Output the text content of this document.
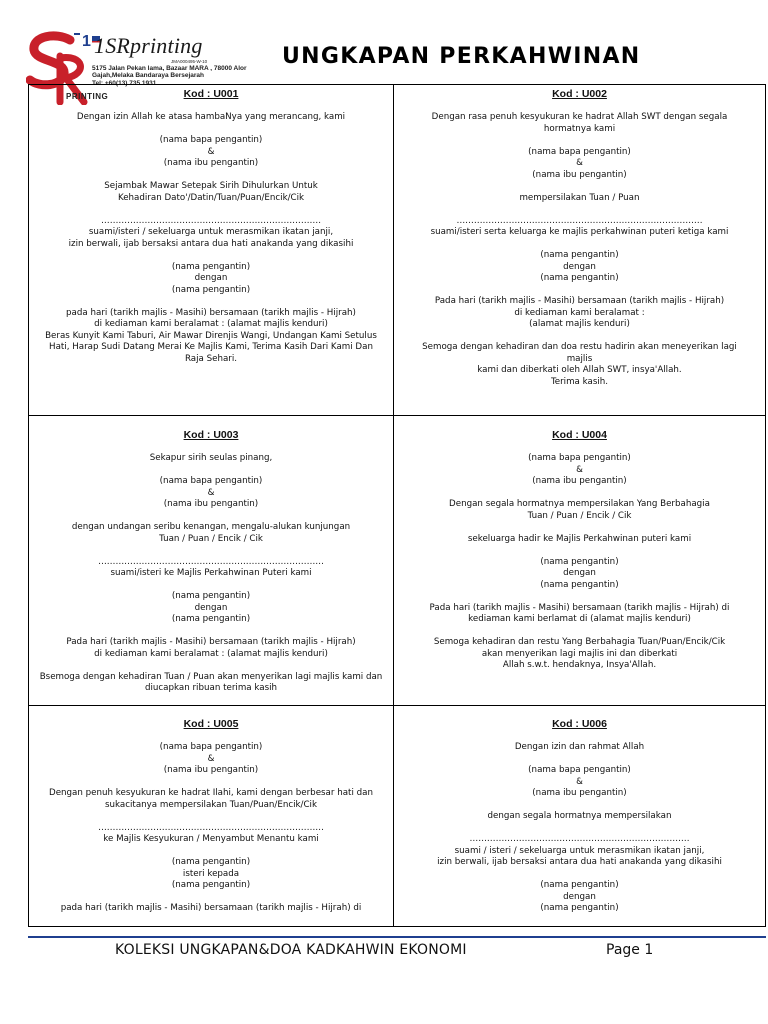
1 1SRprinting
JMA000495-W-10
5175 Jalan Pekan lama, Bazaar MARA , 78000 Alor
Gajah,Melaka Bandaraya Bersejarah
Tel: +60(13) 735 1931
PRINTING
UNGKAPAN PERKAHWINAN
Kod : U001
Dengan izin Allah ke atasa hambaNya yang merancang, kami
(nama bapa pengantin)
&
(nama ibu pengantin)
Sejambak Mawar Setepak Sirih Dihulurkan Untuk
Kehadiran Dato'/Datin/Tuan/Puan/Encik/Cik
………………………………………………………………….
suami/isteri / sekeluarga untuk merasmikan ikatan janji,
izin berwali, ijab bersaksi antara dua hati anakanda yang dikasihi
(nama pengantin)
dengan
(nama pengantin)
pada hari (tarikh majlis - Masihi) bersamaan (tarikh majlis - Hijrah)
di kediaman kami beralamat : (alamat majlis kenduri)
Beras Kunyit Kami Taburi, Air Mawar Direnjis Wangi, Undangan Kami Setulus
Hati, Harap Sudi Datang Merai Ke Majlis Kami, Terima Kasih Dari Kami Dan
Raja Sehari.
Kod : U002
Dengan rasa penuh kesyukuran ke hadrat Allah SWT dengan segala
hormatnya kami
(nama bapa pengantin)
&
(nama ibu pengantin)
mempersilakan Tuan / Puan
………………………………………………………………………….
suami/isteri serta keluarga ke majlis perkahwinan puteri ketiga kami
(nama pengantin)
dengan
(nama pengantin)
Pada hari (tarikh majlis - Masihi) bersamaan (tarikh majlis - Hijrah)
di kediaman kami beralamat :
(alamat majlis kenduri)
Semoga dengan kehadiran dan doa restu hadirin akan meneyerikan lagi
majlis
kami dan diberkati oleh Allah SWT, insya'Allah.
Terima kasih.
Kod : U003
Sekapur sirih seulas pinang,
(nama bapa pengantin)
&
(nama ibu pengantin)
dengan undangan seribu kenangan, mengalu-alukan kunjungan
Tuan / Puan / Encik / Cik
……………………………………………………………………
suami/isteri ke Majlis Perkahwinan Puteri kami
(nama pengantin)
dengan
(nama pengantin)
Pada hari (tarikh majlis - Masihi) bersamaan (tarikh majlis - Hijrah)
di kediaman kami beralamat : (alamat majlis kenduri)
Bsemoga dengan kehadiran Tuan / Puan akan menyerikan lagi majlis kami dan
diucapkan ribuan terima kasih
Kod : U004
(nama bapa pengantin)
&
(nama ibu pengantin)
Dengan segala hormatnya mempersilakan Yang Berbahagia
Tuan / Puan / Encik / Cik
sekeluarga hadir ke Majlis Perkahwinan puteri kami
(nama pengantin)
dengan
(nama pengantin)
Pada hari (tarikh majlis - Masihi) bersamaan (tarikh majlis - Hijrah) di
kediaman kami berlamat di (alamat majlis kenduri)
Semoga kehadiran dan restu Yang Berbahagia Tuan/Puan/Encik/Cik
akan menyerikan lagi majlis ini dan diberkati
Allah s.w.t. hendaknya, Insya'Allah.
Kod : U005
(nama bapa pengantin)
&
(nama ibu pengantin)
Dengan penuh kesyukuran ke hadrat Ilahi, kami dengan berbesar hati dan
sukacitanya mempersilakan Tuan/Puan/Encik/Cik
……………………………………………………………………
ke Majlis Kesyukuran / Menyambut Menantu kami
(nama pengantin)
isteri kepada
(nama pengantin)
pada hari (tarikh majlis - Masihi) bersamaan (tarikh majlis - Hijrah) di
Kod : U006
Dengan izin dan rahmat Allah
(nama bapa pengantin)
&
(nama ibu pengantin)
dengan segala hormatnya mempersilakan
………………………………………………………………….
suami / isteri / sekeluarga untuk merasmikan ikatan janji,
izin berwali, ijab bersaksi antara dua hati anakanda yang dikasihi
(nama pengantin)
dengan
(nama pengantin)
KOLEKSI UNGKAPAN&DOA KADKAHWIN EKONOMI	Page 1
